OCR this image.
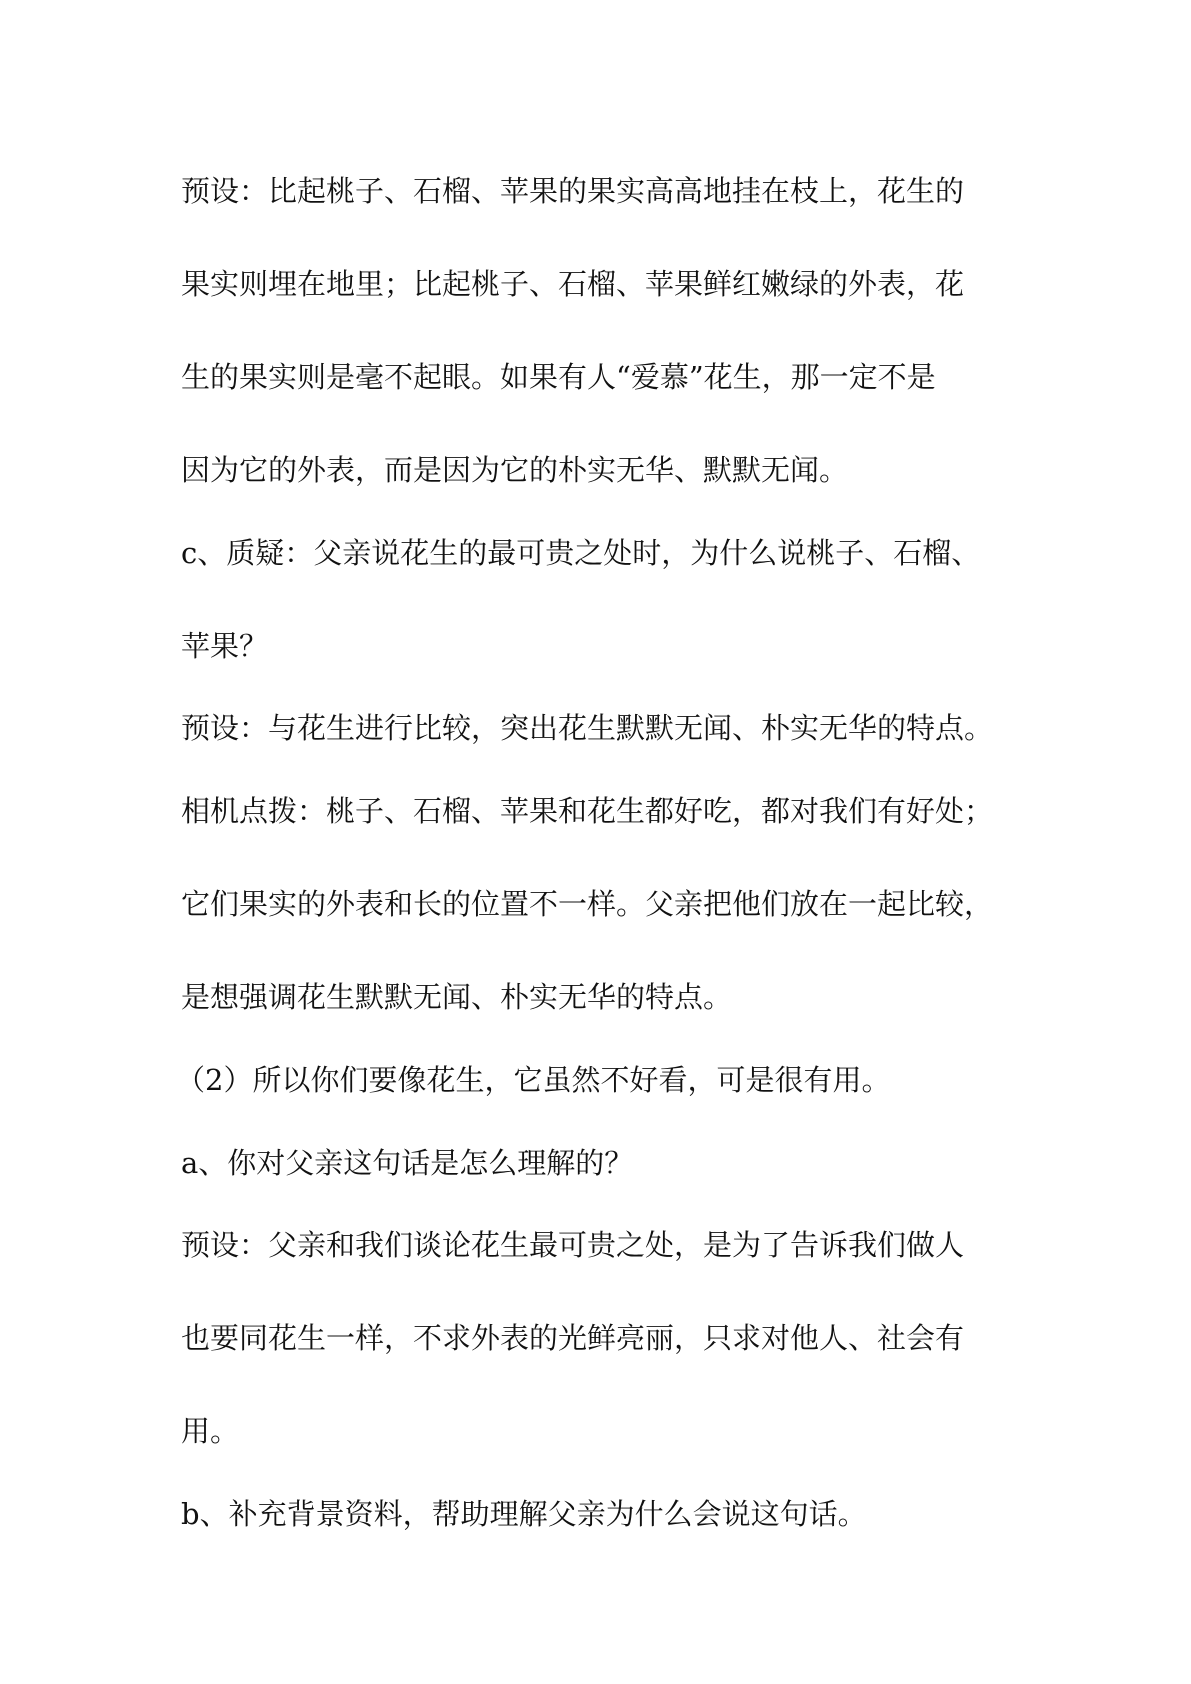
预设：比起桃子、石榴、苹果的果实高高地挂在枝上，花生的
果实则埋在地里；比起桃子、石榴、苹果鲜红嫩绿的外表，花
生的果实则是毫不起眼。如果有人“爱慕”花生，那一定不是
因为它的外表，而是因为它的朴实无华、默默无闻。
c、质疑：父亲说花生的最可贵之处时，为什么说桃子、石榴、
苹果？
预设：与花生进行比较，突出花生默默无闻、朴实无华的特点。
相机点拨：桃子、石榴、苹果和花生都好吃，都对我们有好处；
它们果实的外表和长的位置不一样。父亲把他们放在一起比较，
是想强调花生默默无闻、朴实无华的特点。
（2）所以你们要像花生，它虽然不好看，可是很有用。
a、你对父亲这句话是怎么理解的？
预设：父亲和我们谈论花生最可贵之处，是为了告诉我们做人
也要同花生一样，不求外表的光鲜亮丽，只求对他人、社会有
用。
b、补充背景资料，帮助理解父亲为什么会说这句话。
